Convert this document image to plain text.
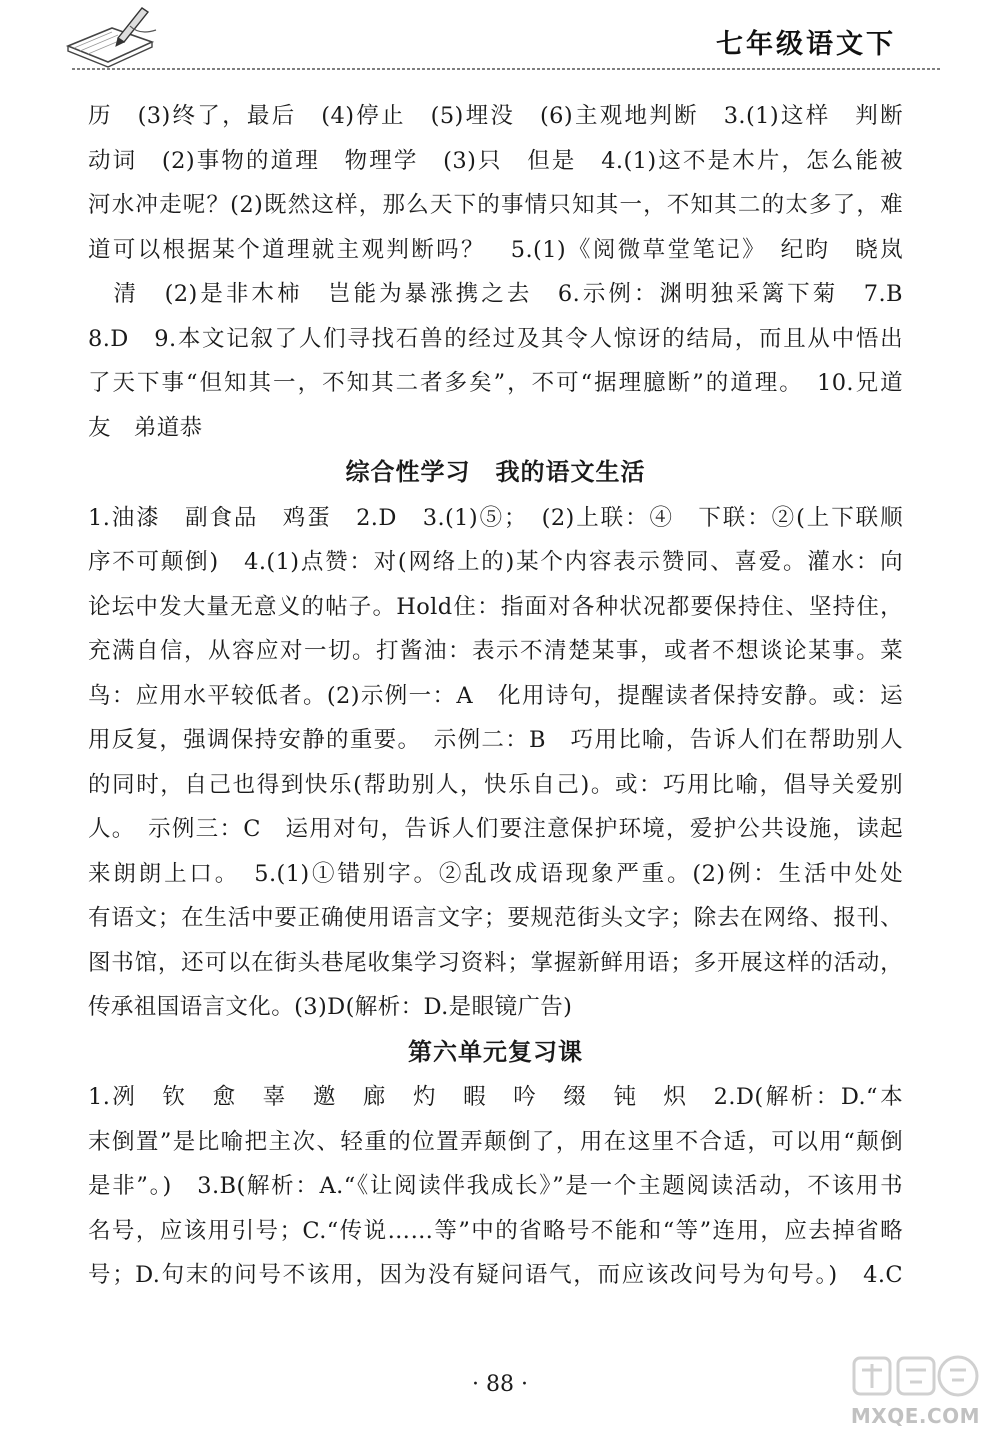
七年级语文下
历　(3)终了，最后　(4)停止　(5)埋没　(6)主观地判断　3.(1)这样　判断
动词　(2)事物的道理　物理学　(3)只　但是　4.(1)这不是木片，怎么能被
河水冲走呢？(2)既然这样，那么天下的事情只知其一，不知其二的太多了，难
道可以根据某个道理就主观判断吗？　5.(1)《阅微草堂笔记》　纪昀　晓岚
　清　(2)是非木柿　岂能为暴涨携之去　6.示例：渊明独采篱下菊　7.B
8.D　9.本文记叙了人们寻找石兽的经过及其令人惊讶的结局，而且从中悟出
了天下事“但知其一，不知其二者多矣”，不可“据理臆断”的道理。　10.兄道
友　弟道恭
综合性学习　我的语文生活
1.油漆　副食品　鸡蛋　2.D　3.(1)⑤；　(2)上联：④　下联：②(上下联顺
序不可颠倒)　4.(1)点赞：对(网络上的)某个内容表示赞同、喜爱。灌水：向
论坛中发大量无意义的帖子。Hold住：指面对各种状况都要保持住、坚持住，
充满自信，从容应对一切。打酱油：表示不清楚某事，或者不想谈论某事。菜
鸟：应用水平较低者。(2)示例一：A　化用诗句，提醒读者保持安静。或：运
用反复，强调保持安静的重要。　示例二：B　巧用比喻，告诉人们在帮助别人
的同时，自己也得到快乐(帮助别人，快乐自己)。或：巧用比喻，倡导关爱别
人。　示例三：C　运用对句，告诉人们要注意保护环境，爱护公共设施，读起
来朗朗上口。　5.(1)①错别字。②乱改成语现象严重。(2)例：生活中处处
有语文；在生活中要正确使用语言文字；要规范街头文字；除去在网络、报刊、
图书馆，还可以在街头巷尾收集学习资料；掌握新鲜用语；多开展这样的活动，
传承祖国语言文化。(3)D(解析：D.是眼镜广告)
第六单元复习课
1.冽　钦　愈　辜　邀　廊　灼　暇　吟　缀　钝　炽　2.D(解析：D.“本
末倒置”是比喻把主次、轻重的位置弄颠倒了，用在这里不合适，可以用“颠倒
是非”。)　3.B(解析：A.“《让阅读伴我成长》”是一个主题阅读活动，不该用书
名号，应该用引号；C.“传说……等”中的省略号不能和“等”连用，应去掉省略
号；D.句末的问号不该用，因为没有疑问语气，而应该改问号为句号。)　4.C
· 88 ·
MXQE.COM
